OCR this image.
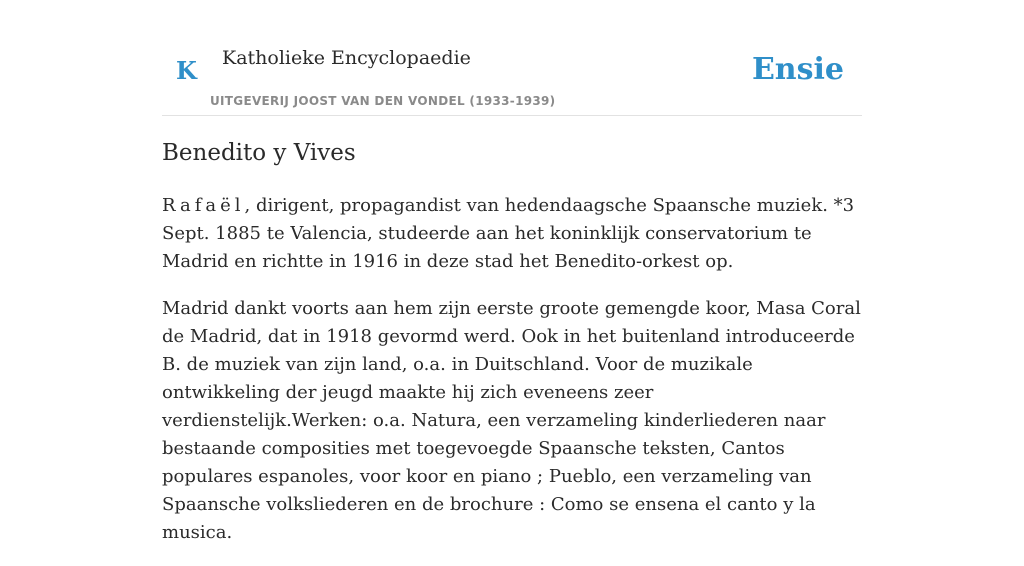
K Katholieke Encyclopaedie
UITGEVERIJ JOOST VAN DEN VONDEL (1933-1939)
Ensie
Benedito y Vives

Rafaël, dirigent, propagandist van hedendaagsche Spaansche muziek. *3 Sept. 1885 te Valencia, studeerde aan het koninklijk conservatorium te Madrid en richtte in 1916 in deze stad het Benedito-orkest op.

Madrid dankt voorts aan hem zijn eerste groote gemengde koor, Masa Coral de Madrid, dat in 1918 gevormd werd. Ook in het buitenland introduceerde B. de muziek van zijn land, o.a. in Duitschland. Voor de muzikale ontwikkeling der jeugd maakte hij zich eveneens zeer verdienstelijk.Werken: o.a. Natura, een verzameling kinderliederen naar bestaande composities met toegevoegde Spaansche teksten, Cantos populares espanoles, voor koor en piano ; Pueblo, een verzameling van Spaansche volksliederen en de brochure : Como se ensena el canto y la musica.
